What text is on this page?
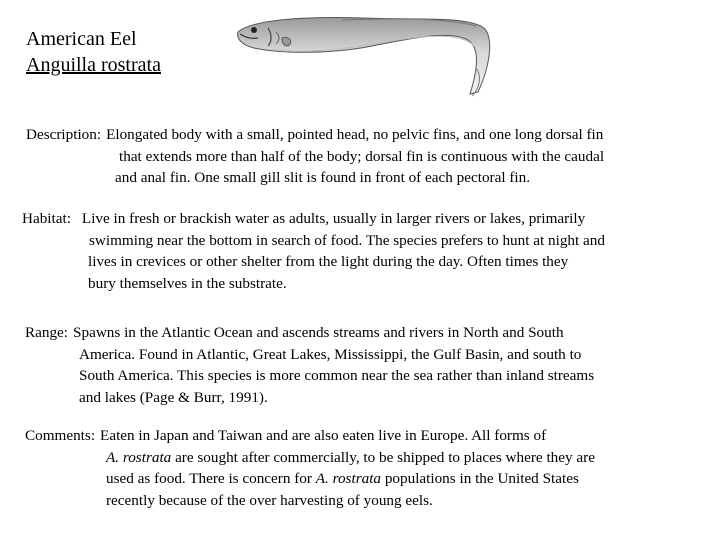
American Eel
Anguilla rostrata
Description: Elongated body with a small, pointed head, no pelvic fins, and one long dorsal fin
that extends more than half of the body; dorsal fin is continuous with the caudal
and anal fin. One small gill slit is found in front of each pectoral fin.
Habitat: Live in fresh or brackish water as adults, usually in larger rivers or lakes, primarily
swimming near the bottom in search of food. The species prefers to hunt at night and
lives in crevices or other shelter from the light during the day. Often times they
bury themselves in the substrate.
Range: Spawns in the Atlantic Ocean and ascends streams and rivers in North and South
America. Found in Atlantic, Great Lakes, Mississippi, the Gulf Basin, and south to
South America. This species is more common near the sea rather than inland streams
and lakes (Page & Burr, 1991).
Comments: Eaten in Japan and Taiwan and are also eaten live in Europe. All forms of
A. rostrata are sought after commercially, to be shipped to places where they are
used as food. There is concern for A. rostrata populations in the United States
recently because of the over harvesting of young eels.
